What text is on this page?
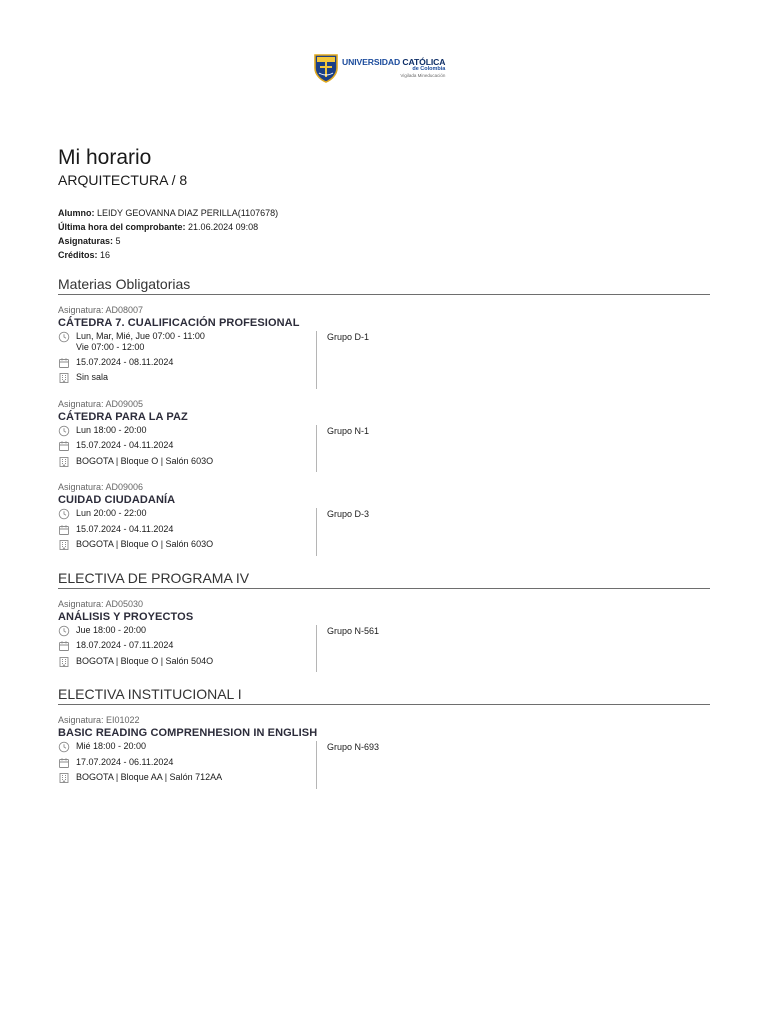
UNIVERSIDAD CATÓLICA
de Colombia
Vigilada Mineducación
Mi horario
ARQUITECTURA / 8
Alumno: LEIDY GEOVANNA DIAZ PERILLA(1107678)
Última hora del comprobante: 21.06.2024 09:08
Asignaturas: 5
Créditos: 16
Materias Obligatorias
Asignatura: AD08007
CÁTEDRA 7. CUALIFICACIÓN PROFESIONAL
Lun, Mar, Mié, Jue 07:00 - 11:00
Vie 07:00 - 12:00
15.07.2024 - 08.11.2024
Sin sala
Grupo D-1
Asignatura: AD09005
CÁTEDRA PARA LA PAZ
Lun 18:00 - 20:00
15.07.2024 - 04.11.2024
BOGOTA | Bloque O | Salón 603O
Grupo N-1
Asignatura: AD09006
CUIDAD CIUDADANÍA
Lun 20:00 - 22:00
15.07.2024 - 04.11.2024
BOGOTA | Bloque O | Salón 603O
Grupo D-3
ELECTIVA DE PROGRAMA IV
Asignatura: AD05030
ANÁLISIS Y PROYECTOS
Jue 18:00 - 20:00
18.07.2024 - 07.11.2024
BOGOTA | Bloque O | Salón 504O
Grupo N-561
ELECTIVA INSTITUCIONAL I
Asignatura: EI01022
BASIC READING COMPRENHESION IN ENGLISH
Mié 18:00 - 20:00
17.07.2024 - 06.11.2024
BOGOTA | Bloque AA | Salón 712AA
Grupo N-693
